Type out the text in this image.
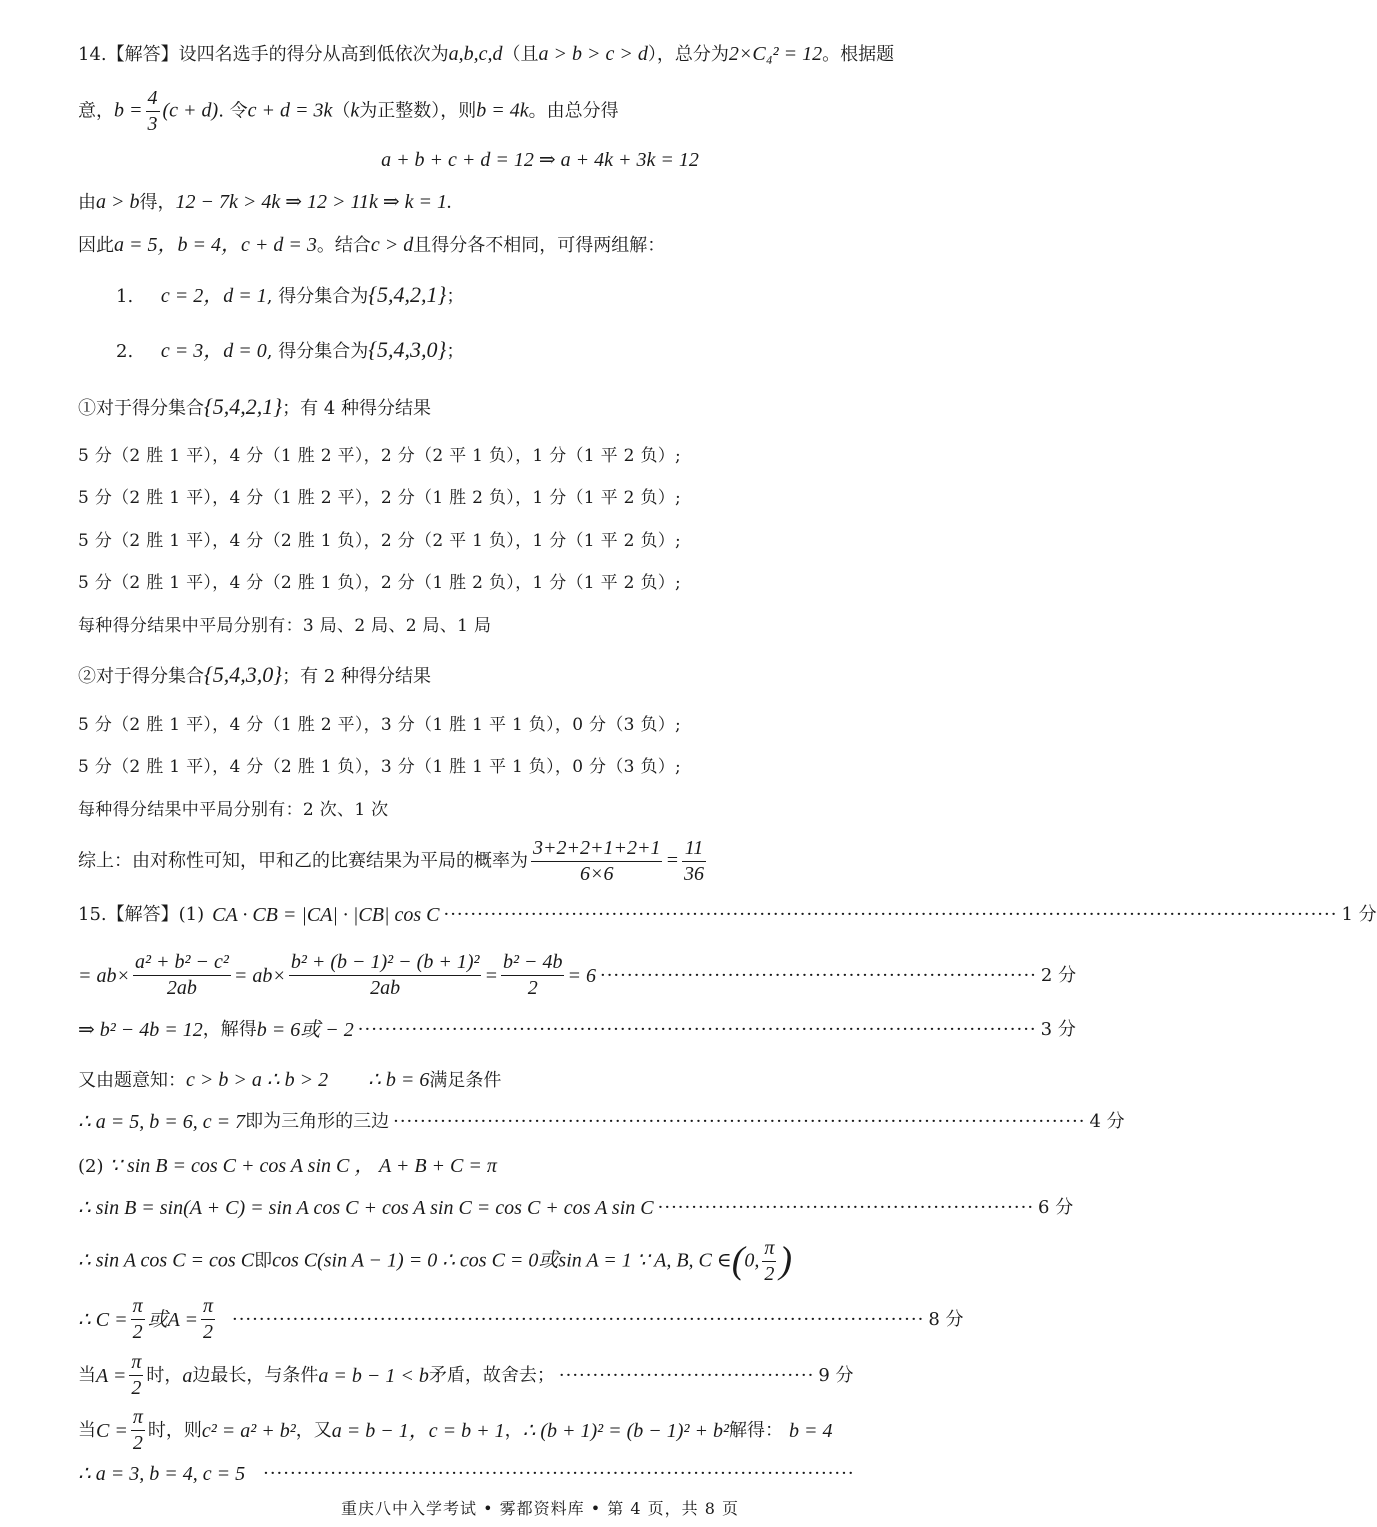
14.【解答】设四名选手的得分从高到低依次为a,b,c,d（且a > b > c > d），总分为2×C₄² = 12。根据题
意，$b = \frac{4}{3} (c + d)$. 令c + d = 3k（k为正整数），则b = 4k。由总分得
a + b + c + d = 12 ⇒ a + 4k + 3k = 12
由a > b得，12 − 7k > 4k ⇒ 12 > 11k ⇒ k = 1.
因此a = 5，b = 4，c + d = 3。结合c > d且得分各不相同，可得两组解：
1. c = 2，d = 1, 得分集合为{5,4,2,1}；
2. c = 3，d = 0, 得分集合为{5,4,3,0}；
①对于得分集合{5,4,2,1}；有 4 种得分结果
5 分（2 胜 1 平），4 分（1 胜 2 平），2 分（2 平 1 负），1 分（1 平 2 负）;
5 分（2 胜 1 平），4 分（1 胜 2 平），2 分（1 胜 2 负），1 分（1 平 2 负）;
5 分（2 胜 1 平），4 分（2 胜 1 负），2 分（2 平 1 负），1 分（1 平 2 负）;
5 分（2 胜 1 平），4 分（2 胜 1 负），2 分（1 胜 2 负），1 分（1 平 2 负）;
每种得分结果中平局分别有：3 局、2 局、2 局、1 局
②对于得分集合{5,4,3,0}；有 2 种得分结果
5 分（2 胜 1 平），4 分（1 胜 2 平），3 分（1 胜 1 平 1 负），0 分（3 负）;
5 分（2 胜 1 平），4 分（2 胜 1 负），3 分（1 胜 1 平 1 负），0 分（3 负）;
每种得分结果中平局分别有：2 次、1 次
综上：由对称性可知，甲和乙的比赛结果为平局的概率为 $\frac{3+2+2+1+2+1}{6\times 6} = \frac{11}{36}$
15.【解答】(1) CA · CB = |CA| · |CB| cos C ····································································································································· 1 分
= $ab\times \frac{\text{a² + b² − c²}}{2ab} = ab\times \frac{\text{b² + (b − 1)² − (b + 1)²}}{2ab} = \frac{\text{b² − 4b}}{2} = 6$ ································································· 2 分
⇒ b² − 4b = 12 ，解得 b = 6或 − 2 ····································································································· 3 分
又由题意知：c > b > a ∴ b > 2 ∴ b = 6满足条件
∴ a = 5, b = 6, c = 7 即为三角形的三边 ······································································································· 4 分
(2) ∵ sin B = cos C + cos A sin C ， A + B + C = π
∴ sin B = sin(A + C) = sin A cos C + cos A sin C = cos C + cos A sin C ························································ 6 分
∴ sin A cos C = cos C即cos C(sin A − 1) = 0 ∴ cos C = 0或sin A = 1 ∵ A, B, C ∈(0, $\frac{\pi}{2}$ )
∴ $C = \frac{\pi}{2}$ 或$A = \frac{\pi}{2}$ ······································································································· 8 分
当 $A = \frac{\pi}{2}$ 时， a 边最长，与条件 a = b − 1 < b 矛盾，故舍去； ······································ 9 分
当 $C = \frac{\pi}{2}$ 时，则 c² = a² + b² ，又 a = b − 1，c = b + 1 ， ∴ (b + 1)² = (b − 1)² + b² 解得： b = 4
∴ a = 3, b = 4, c = 5 ························································································
重庆八中入学考试 • 雾都资料库 • 第 4 页，共 8 页
